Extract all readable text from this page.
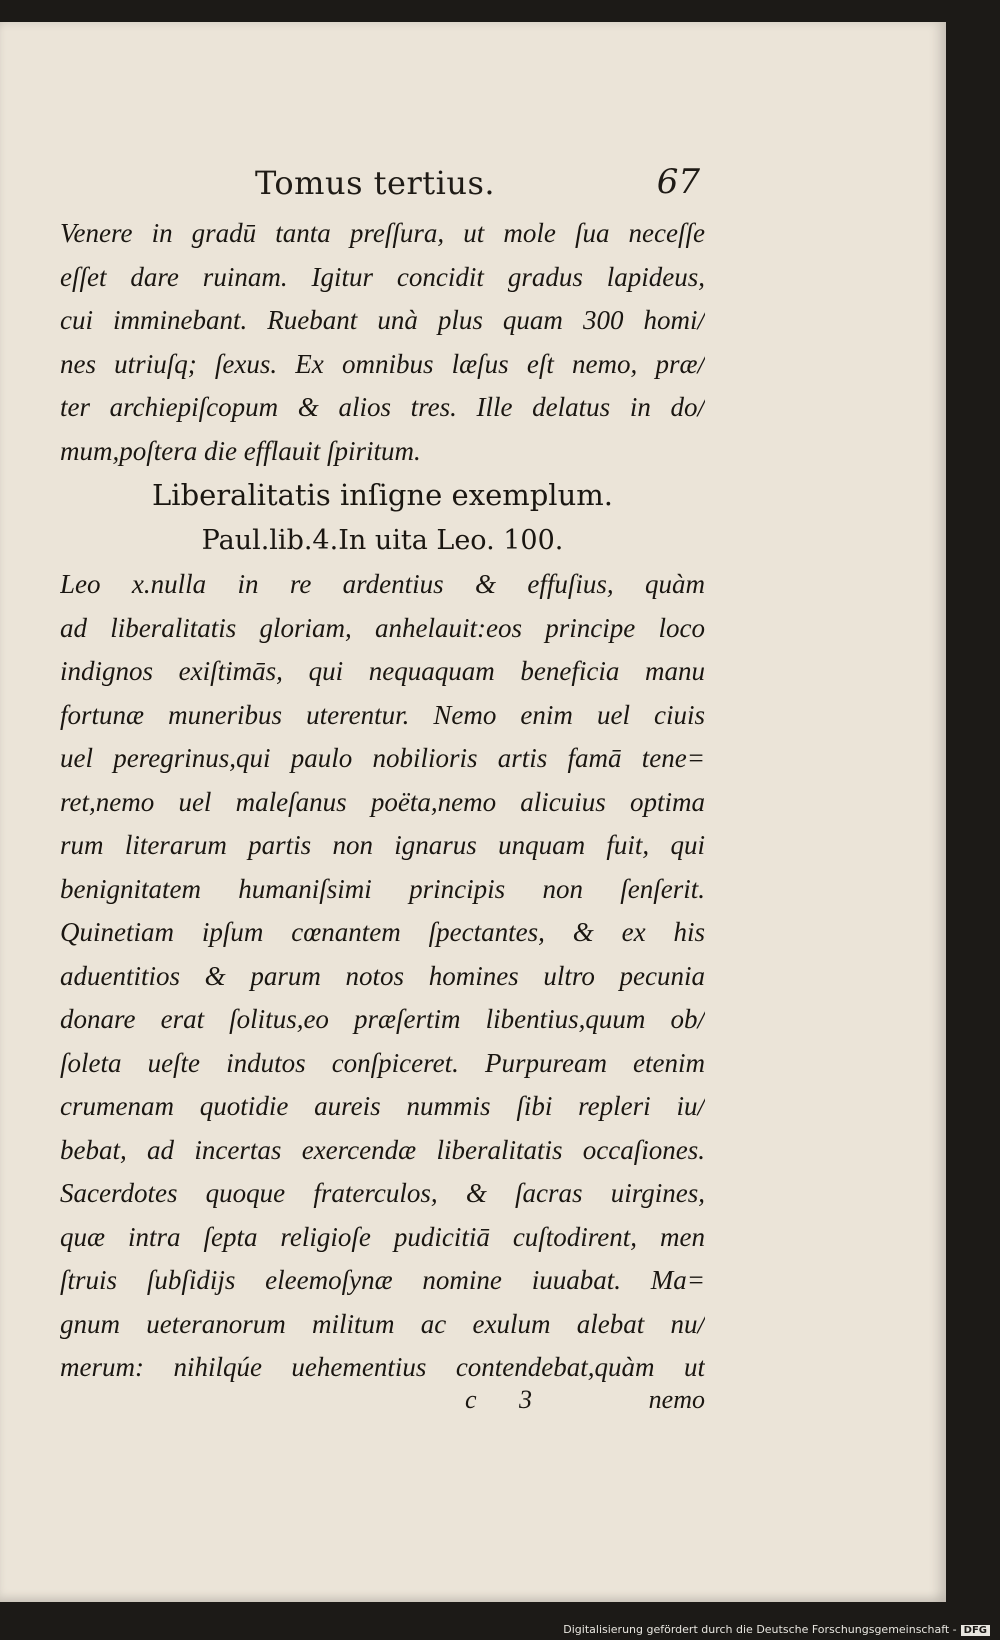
Tomus tertius.	67
Venere in gradū tanta preſſura, ut mole ſua neceſſe
eſſet dare ruinam. Igitur concidit gradus lapideus,
cui imminebant. Ruebant unà plus quam 300 homi/
nes utriuſq; ſexus. Ex omnibus læſus eſt nemo, præ/
ter archiepiſcopum & alios tres. Ille delatus in do/
mum,poſtera die efflauit ſpiritum.
Liberalitatis inſigne exemplum.
Paul.lib.4.In uita Leo. 100.
Leo x.nulla in re ardentius & effuſius, quàm
ad liberalitatis gloriam, anhelauit:eos principe loco
indignos exiſtimās, qui nequaquam beneficia manu
fortunæ muneribus uterentur. Nemo enim uel ciuis
uel peregrinus,qui paulo nobilioris artis famā tene=
ret,nemo uel maleſanus poëta,nemo alicuius optima
rum literarum partis non ignarus unquam fuit, qui
benignitatem humaniſsimi principis non ſenſerit.
Quinetiam ipſum cœnantem ſpectantes, & ex his
aduentitios & parum notos homines ultro pecunia
donare erat ſolitus,eo præſertim libentius,quum ob/
ſoleta ueſte indutos conſpiceret. Purpuream etenim
crumenam quotidie aureis nummis ſibi repleri iu/
bebat, ad incertas exercendæ liberalitatis occaſiones.
Sacerdotes quoque fraterculos, & ſacras uirgines,
quæ intra ſepta religioſe pudicitiā cuſtodirent, men
ſtruis ſubſidijs eleemoſynæ nomine iuuabat. Ma=
gnum ueteranorum militum ac exulum alebat nu/
merum: nihilqúe uehementius contendebat,quàm ut
c 3	nemo
Digitalisierung gefördert durch die Deutsche Forschungsgemeinschaft - DFG
